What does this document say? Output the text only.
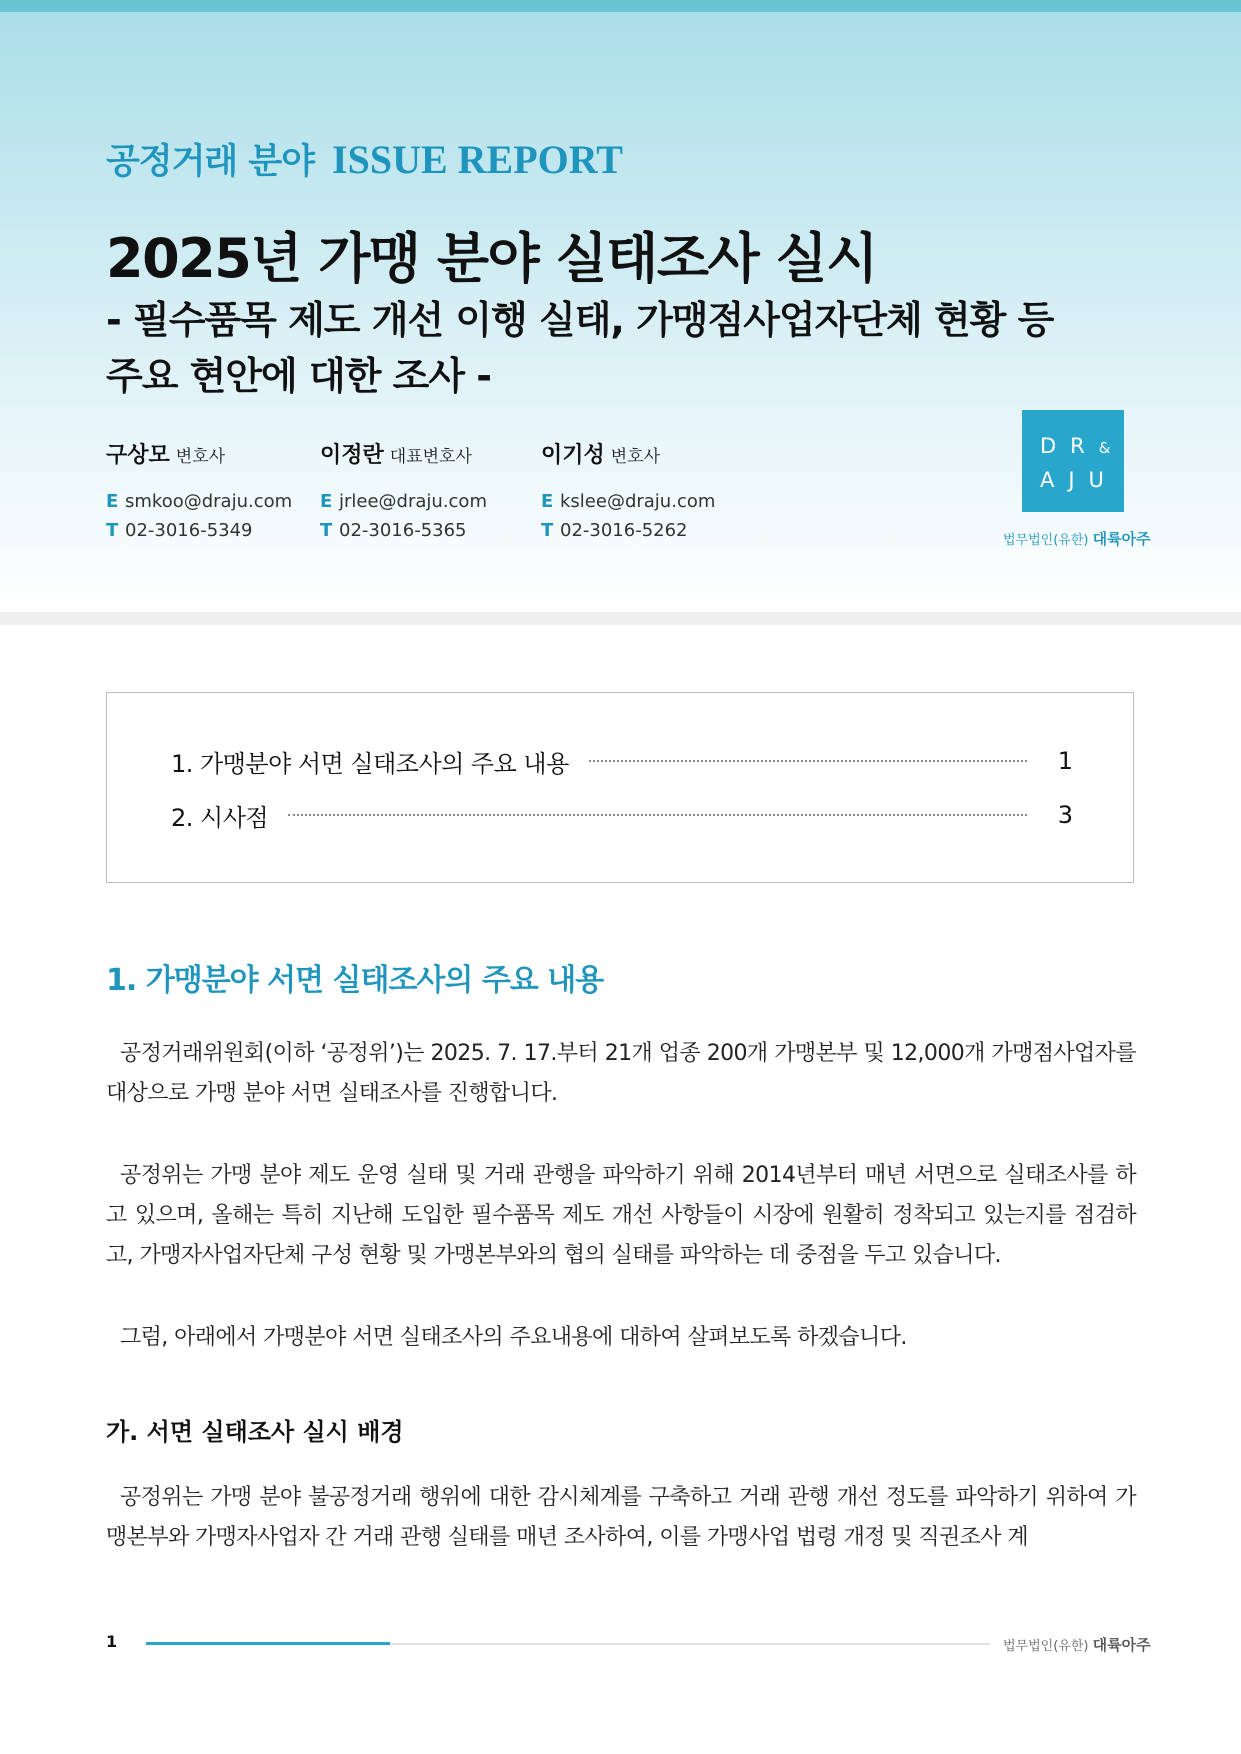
공정거래 분야 ISSUE REPORT
2025년 가맹 분야 실태조사 실시

- 필수품목 제도 개선 이행 실태, 가맹점사업자단체 현황 등 주요 현안에 대한 조사 -

구상모 변호사
E smkoo@draju.com
T 02-3016-5349
이정란 대표변호사
E jrlee@draju.com
T 02-3016-5365
이기성 변호사
E kslee@draju.com
T 02-3016-5262
DR&
AJU
법무법인(유한) 대륙아주
1. 가맹분야 서면 실태조사의 주요 내용	1
2. 시사점	3
1. 가맹분야 서면 실태조사의 주요 내용

공정거래위원회(이하 ‘공정위’)는 2025. 7. 17.부터 21개 업종 200개 가맹본부 및 12,000개 가맹점사업자를 대상으로 가맹 분야 서면 실태조사를 진행합니다.

공정위는 가맹 분야 제도 운영 실태 및 거래 관행을 파악하기 위해 2014년부터 매년 서면으로 실태조사를 하고 있으며, 올해는 특히 지난해 도입한 필수품목 제도 개선 사항들이 시장에 원활히 정착되고 있는지를 점검하고, 가맹자사업자단체 구성 현황 및 가맹본부와의 협의 실태를 파악하는 데 중점을 두고 있습니다.

그럼, 아래에서 가맹분야 서면 실태조사의 주요내용에 대하여 살펴보도록 하겠습니다.

가. 서면 실태조사 실시 배경

공정위는 가맹 분야 불공정거래 행위에 대한 감시체계를 구축하고 거래 관행 개선 정도를 파악하기 위하여 가맹본부와 가맹자사업자 간 거래 관행 실태를 매년 조사하여, 이를 가맹사업 법령 개정 및 직권조사 계

1	법무법인(유한) 대륙아주
